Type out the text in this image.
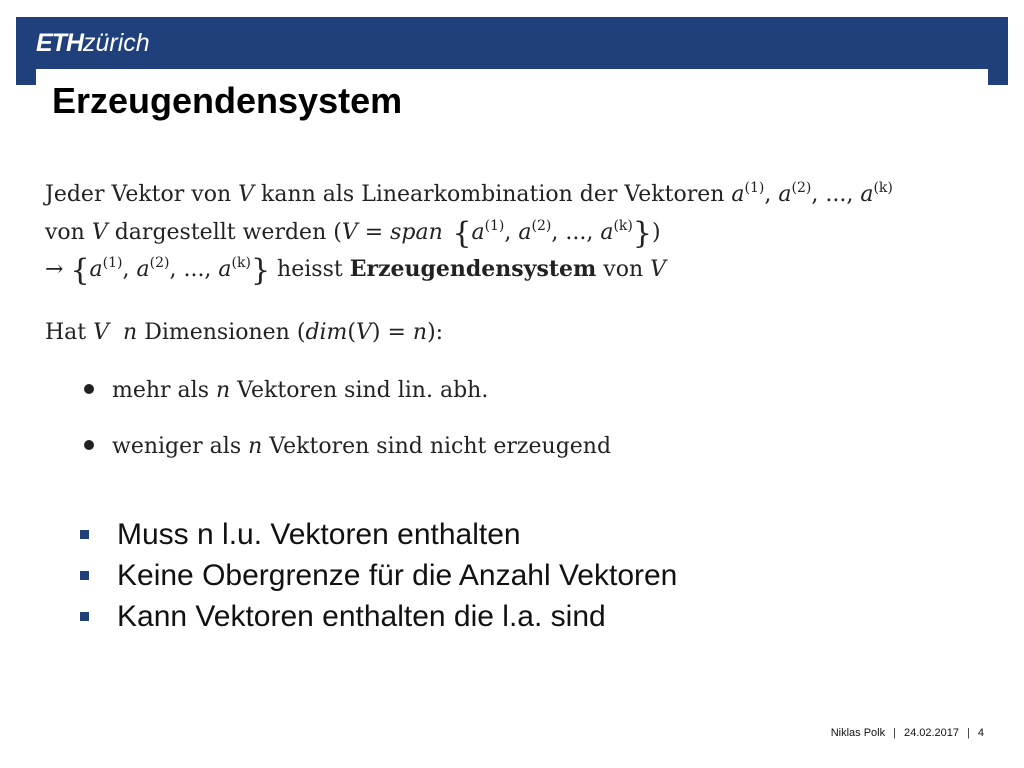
ETHzürich
Erzeugendensystem
Jeder Vektor von V kann als Linearkombination der Vektoren $a^{(1)}$, $a^{(2)}$, ..., $a^{(k)}$
von V dargestellt werden (V = span {$a^{(1)}$, $a^{(2)}$, ..., $a^{(k)}$})
→ {$a^{(1)}$, $a^{(2)}$, ..., $a^{(k)}$} heisst Erzeugendensystem von V
Hat V n Dimensionen (dim(V) = n):
mehr als n Vektoren sind lin. abh.
weniger als n Vektoren sind nicht erzeugend
Muss n l.u. Vektoren enthalten
Keine Obergrenze für die Anzahl Vektoren
Kann Vektoren enthalten die l.a. sind
Niklas Polk | 24.02.2017 | 4
